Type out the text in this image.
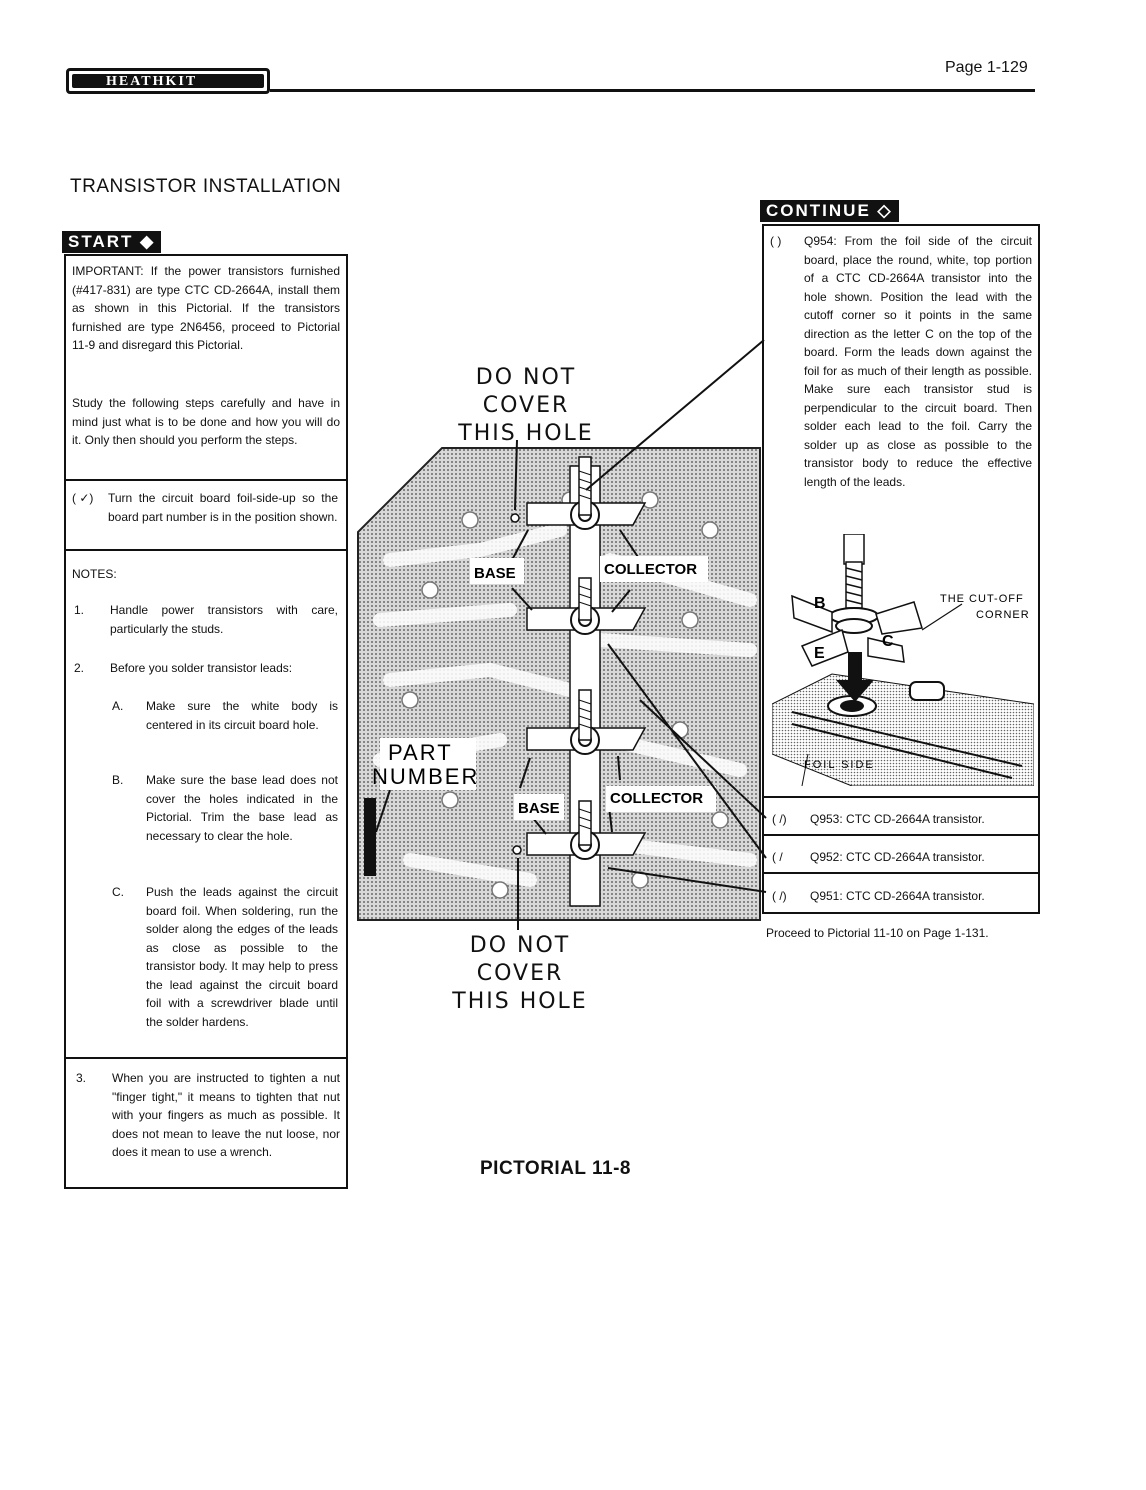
HEATHKIT
Page 1-129
TRANSISTOR INSTALLATION
START ◆
IMPORTANT: If the power transistors furnished (#417-831) are type CTC CD-2664A, install them as shown in this Pictorial. If the transistors furnished are type 2N6456, proceed to Pictorial 11-9 and disregard this Pictorial.
Study the following steps carefully and have in mind just what is to be done and how you will do it. Only then should you perform the steps.
( ✓) Turn the circuit board foil-side-up so the board part number is in the position shown.
NOTES:
1. Handle power transistors with care, particularly the studs.
2. Before you solder transistor leads:
A. Make sure the white body is centered in its circuit board hole.
B. Make sure the base lead does not cover the holes indicated in the Pictorial. Trim the base lead as necessary to clear the hole.
C. Push the leads against the circuit board foil. When soldering, run the solder along the edges of the leads as close as possible to the transistor body. It may help to press the lead against the circuit board foil with a screwdriver blade until the solder hardens.
3. When you are instructed to tighten a nut "finger tight," it means to tighten that nut with your fingers as much as possible. It does not mean to leave the nut loose, nor does it mean to use a wrench.
CONTINUE ◇
( ) Q954: From the foil side of the circuit board, place the round, white, top portion of a CTC CD-2664A transistor into the hole shown. Position the lead with the cutoff corner so it points in the same direction as the letter C on the top of the board. Form the leads down against the foil for as much of their length as possible. Make sure each transistor stud is perpendicular to the circuit board. Then solder each lead to the foil. Carry the solder up as close as possible to the transistor body to reduce the effective length of the leads.
B
E
C
THE CUT-OFF
CORNER
FOIL SIDE
( /) Q953: CTC CD-2664A transistor.
( / Q952: CTC CD-2664A transistor.
( /) Q951: CTC CD-2664A transistor.
Proceed to Pictorial 11-10 on Page 1-131.
BASE	COLLECTOR
BASE
COLLECTOR
PART
NUMBER
DO NOT
COVER
THIS HOLE
DO NOT
COVER
THIS HOLE
PICTORIAL 11-8
